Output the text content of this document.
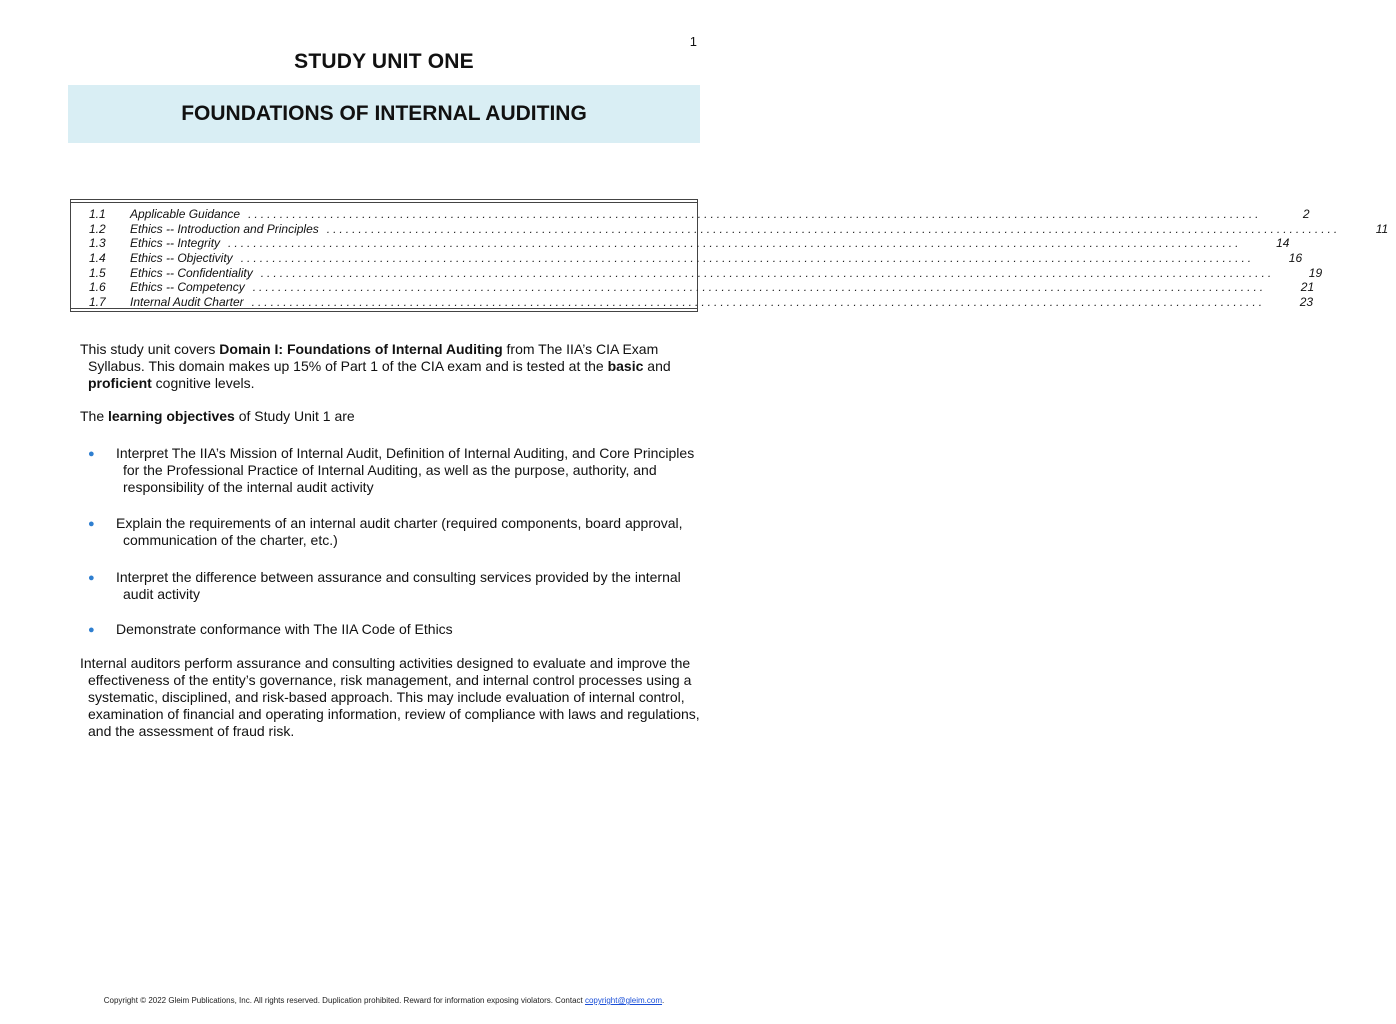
1
STUDY UNIT ONE
FOUNDATIONS OF INTERNAL AUDITING
1.1	Applicable Guidance ................................................................................................................................................................	2
1.2	Ethics -- Introduction and Principles ................................................................................................................................................................	11
1.3	Ethics -- Integrity ................................................................................................................................................................	14
1.4	Ethics -- Objectivity ................................................................................................................................................................	16
1.5	Ethics -- Confidentiality ................................................................................................................................................................	19
1.6	Ethics -- Competency ................................................................................................................................................................	21
1.7	Internal Audit Charter ................................................................................................................................................................	23
This study unit covers Domain I: Foundations of Internal Auditing from The IIA’s CIA Exam Syllabus. This domain makes up 15% of Part 1 of the CIA exam and is tested at the basic and proficient cognitive levels.
The learning objectives of Study Unit 1 are
●	Interpret The IIA’s Mission of Internal Audit, Definition of Internal Auditing, and Core Principles for the Professional Practice of Internal Auditing, as well as the purpose, authority, and responsibility of the internal audit activity
●	Explain the requirements of an internal audit charter (required components, board approval, communication of the charter, etc.)
●	Interpret the difference between assurance and consulting services provided by the internal audit activity
●	Demonstrate conformance with The IIA Code of Ethics
Internal auditors perform assurance and consulting activities designed to evaluate and improve the effectiveness of the entity’s governance, risk management, and internal control processes using a systematic, disciplined, and risk-based approach. This may include evaluation of internal control, examination of financial and operating information, review of compliance with laws and regulations, and the assessment of fraud risk.
Copyright © 2022 Gleim Publications, Inc. All rights reserved. Duplication prohibited. Reward for information exposing violators. Contact copyright@gleim.com.
